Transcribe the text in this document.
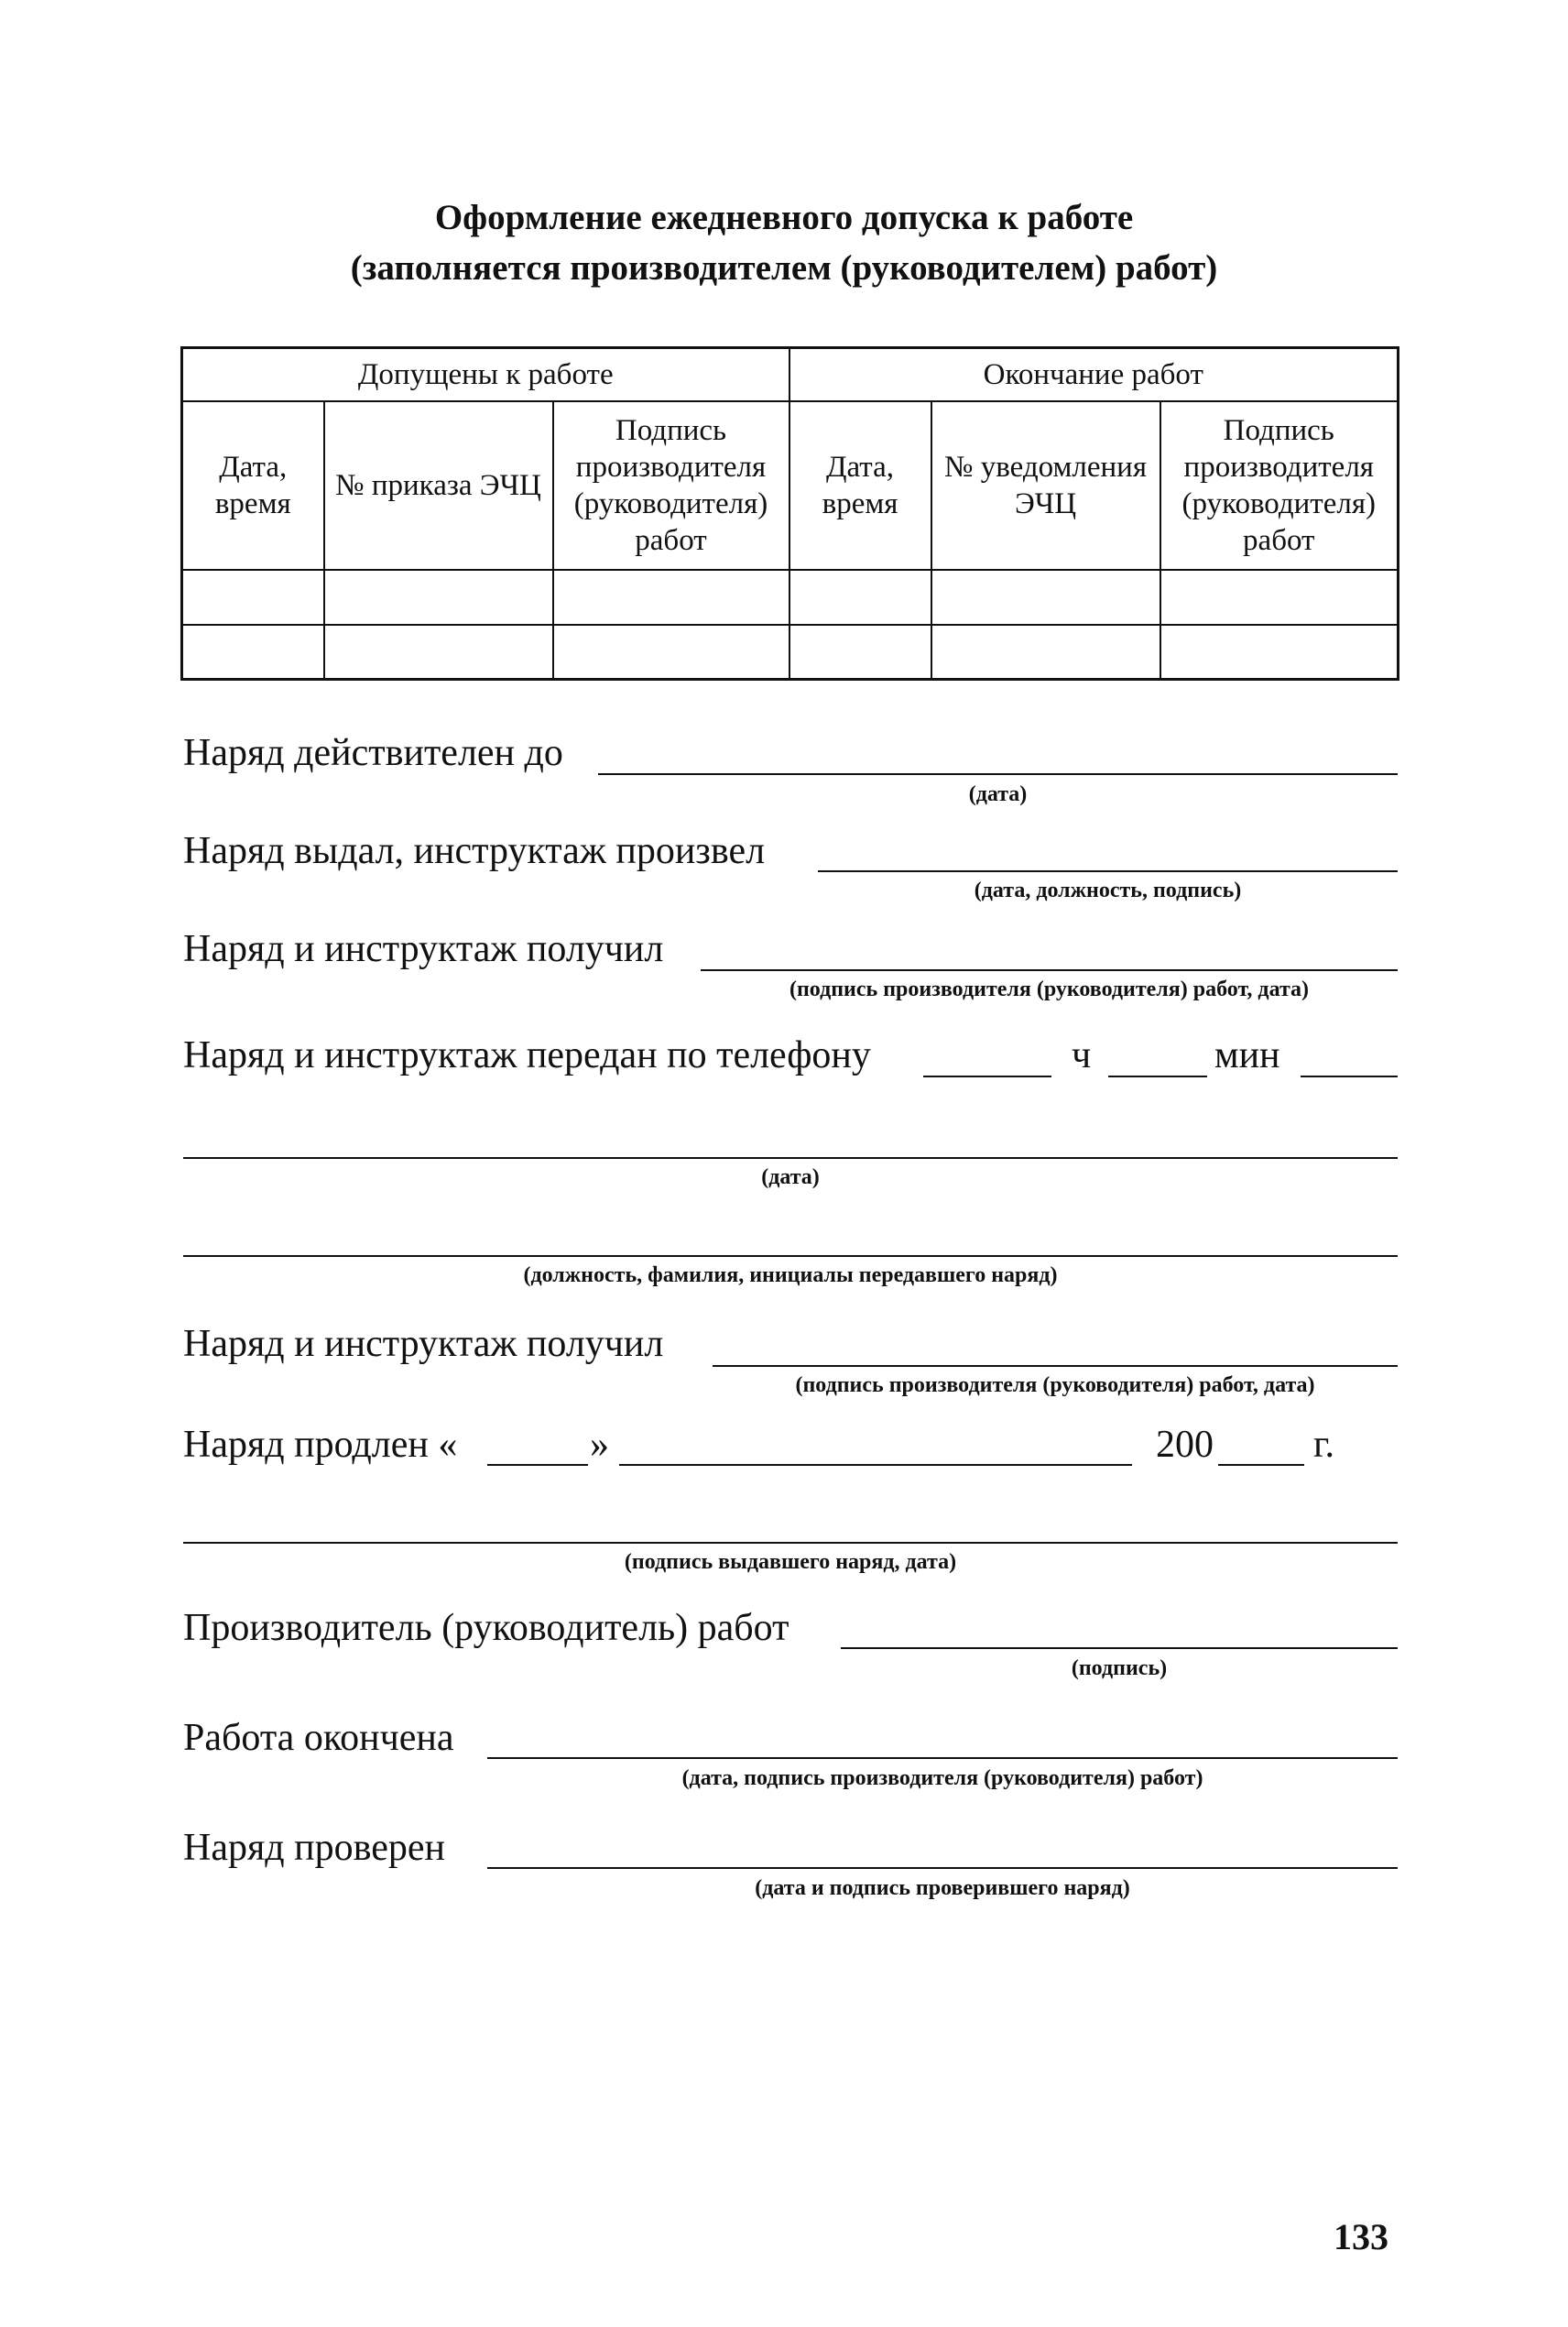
Оформление ежедневного допуска к работе
(заполняется производителем (руководителем) работ)
Допущены к работе			Окончание работ		
Дата, время	№ приказа ЭЧЦ	Подпись производителя (руководителя) работ	Дата, время	№ уведомления ЭЧЦ	Подпись производителя (руководителя) работ

Наряд действителен до
(дата)
Наряд выдал, инструктаж произвел
(дата, должность, подпись)
Наряд и инструктаж получил
(подпись производителя (руководителя) работ, дата)
Наряд и инструктаж передан по телефону	ч	мин
(дата)
(должность, фамилия, инициалы передавшего наряд)
Наряд и инструктаж получил
(подпись производителя (руководителя) работ, дата)
Наряд продлен «	»	200	г.
(подпись выдавшего наряд, дата)
Производитель (руководитель) работ
(подпись)
Работа окончена
(дата, подпись производителя (руководителя) работ)
Наряд проверен
(дата и подпись проверившего наряд)
133
